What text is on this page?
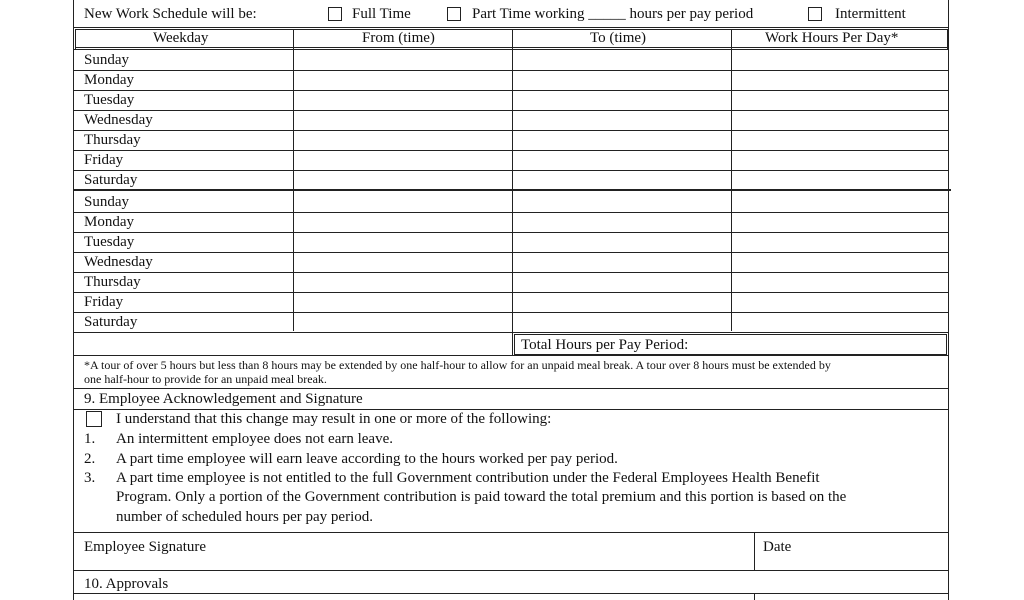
New Work Schedule will be:	Full Time	Part Time working _____ hours per pay period	Intermittent
Weekday	From (time)	To (time)	Work Hours Per Day*
Sunday
Monday
Tuesday
Wednesday
Thursday
Friday
Saturday
Sunday
Monday
Tuesday
Wednesday
Thursday
Friday
Saturday
Total Hours per Pay Period:
*A tour of over 5 hours but less than 8 hours may be extended by one half-hour to allow for an unpaid meal break. A tour over 8 hours must be extended by
one half-hour to provide for an unpaid meal break.
9. Employee Acknowledgement and Signature
I understand that this change may result in one or more of the following:
1. An intermittent employee does not earn leave.
2. A part time employee will earn leave according to the hours worked per pay period.
3. A part time employee is not entitled to the full Government contribution under the Federal Employees Health Benefit
Program. Only a portion of the Government contribution is paid toward the total premium and this portion is based on the
number of scheduled hours per pay period.
Employee Signature	Date
10. Approvals
